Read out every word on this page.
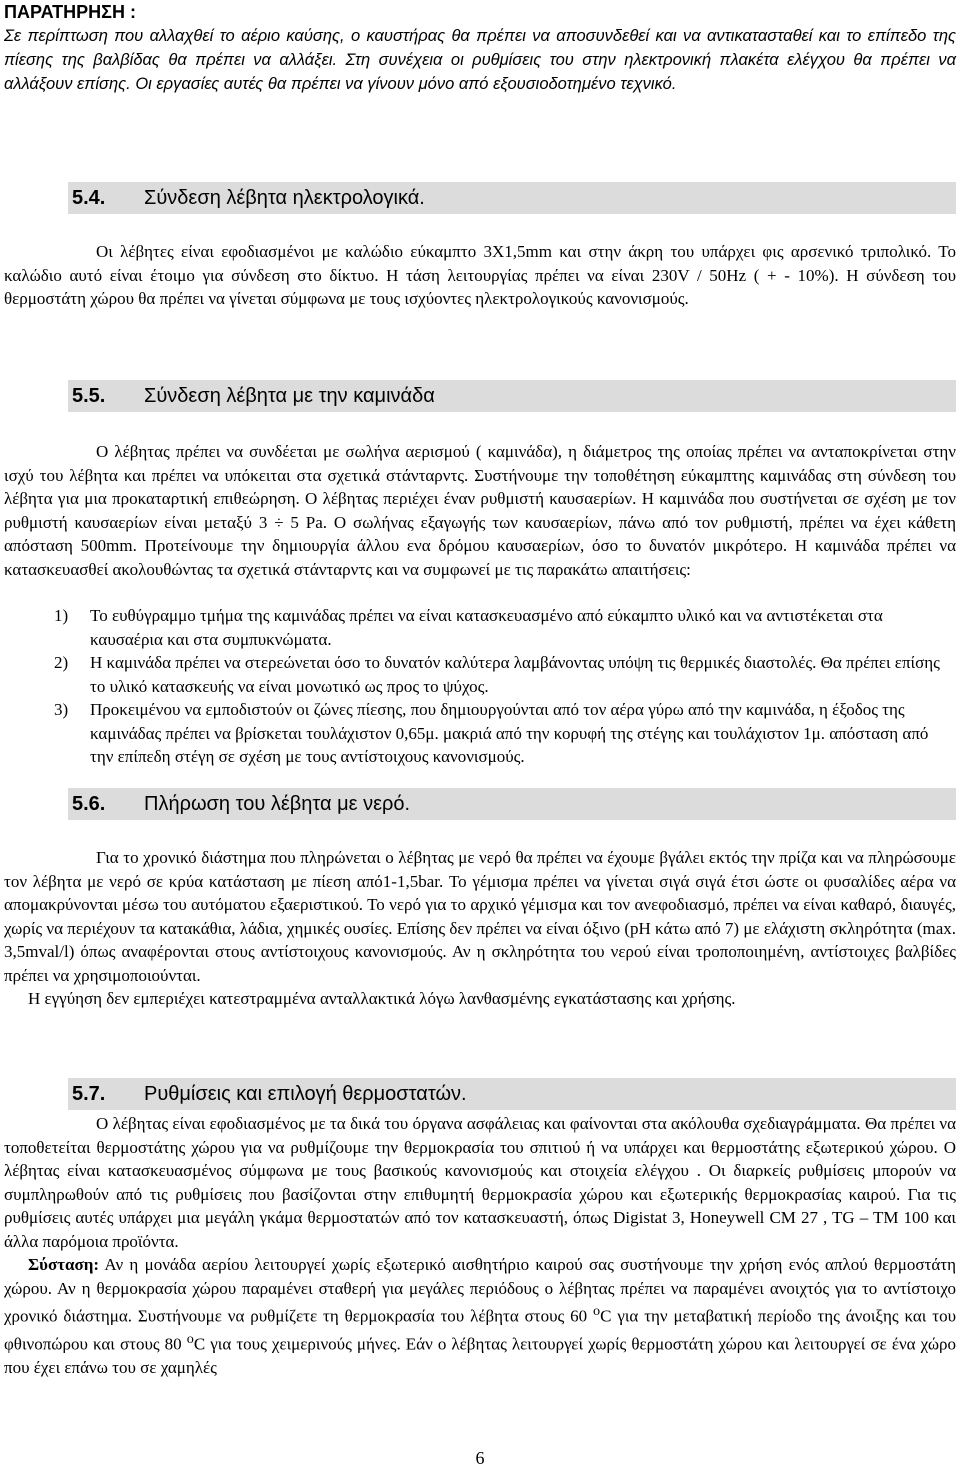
ΠΑΡΑΤΗΡΗΣΗ :
Σε περίπτωση που αλλαχθεί το αέριο καύσης, ο καυστήρας θα πρέπει να αποσυνδεθεί και να αντικατασταθεί και το επίπεδο της πίεσης της βαλβίδας θα πρέπει να αλλάξει. Στη συνέχεια οι ρυθμίσεις του στην ηλεκτρονική πλακέτα ελέγχου θα πρέπει να αλλάξουν επίσης. Οι εργασίες αυτές θα πρέπει να γίνουν μόνο από εξουσιοδοτημένο τεχνικό.
5.4. Σύνδεση λέβητα ηλεκτρολογικά.

Οι λέβητες είναι εφοδιασμένοι με καλώδιο εύκαμπτο 3Χ1,5mm και στην άκρη του υπάρχει φις αρσενικό τριπολικό. Το καλώδιο αυτό είναι έτοιμο για σύνδεση στο δίκτυο. Η τάση λειτουργίας πρέπει να είναι 230V / 50Hz ( + - 10%). Η σύνδεση του θερμοστάτη χώρου θα πρέπει να γίνεται σύμφωνα με τους ισχύοντες ηλεκτρολογικούς κανονισμούς.

5.5. Σύνδεση λέβητα με την καμινάδα

Ο λέβητας πρέπει να συνδέεται με σωλήνα αερισμού ( καμινάδα), η διάμετρος της οποίας πρέπει να ανταποκρίνεται στην ισχύ του λέβητα και πρέπει να υπόκειται στα σχετικά στάνταρντς. Συστήνουμε την τοποθέτηση εύκαμπτης καμινάδας στη σύνδεση του λέβητα για μια προκαταρτική επιθεώρηση. Ο λέβητας περιέχει έναν ρυθμιστή καυσαερίων. Η καμινάδα που συστήνεται σε σχέση με τον ρυθμιστή καυσαερίων είναι μεταξύ 3 ÷ 5 Pa. Ο σωλήνας εξαγωγής των καυσαερίων, πάνω από τον ρυθμιστή, πρέπει να έχει κάθετη απόσταση 500mm. Προτείνουμε την δημιουργία άλλου ενα δρόμου καυσαερίων, όσο το δυνατόν μικρότερο. Η καμινάδα πρέπει να κατασκευασθεί ακολουθώντας τα σχετικά στάνταρντς και να συμφωνεί με τις παρακάτω απαιτήσεις:

1) Το ευθύγραμμο τμήμα της καμινάδας πρέπει να είναι κατασκευασμένο από εύκαμπτο υλικό και να αντιστέκεται στα καυσαέρια και στα συμπυκνώματα.
2) Η καμινάδα πρέπει να στερεώνεται όσο το δυνατόν καλύτερα λαμβάνοντας υπόψη τις θερμικές διαστολές. Θα πρέπει επίσης το υλικό κατασκευής να είναι μονωτικό ως προς το ψύχος.
3) Προκειμένου να εμποδιστούν οι ζώνες πίεσης, που δημιουργούνται από τον αέρα γύρω από την καμινάδα, η έξοδος της καμινάδας πρέπει να βρίσκεται τουλάχιστον 0,65μ. μακριά από την κορυφή της στέγης και τουλάχιστον 1μ. απόσταση από την επίπεδη στέγη σε σχέση με τους αντίστοιχους κανονισμούς.
5.6. Πλήρωση του λέβητα με νερό.

Για το χρονικό διάστημα που πληρώνεται ο λέβητας με νερό θα πρέπει να έχουμε βγάλει εκτός την πρίζα και να πληρώσουμε τον λέβητα με νερό σε κρύα κατάσταση με πίεση από1-1,5bar. Το γέμισμα πρέπει να γίνεται σιγά σιγά έτσι ώστε οι φυσαλίδες αέρα να απομακρύνονται μέσω του αυτόματου εξαεριστικού. Το νερό για το αρχικό γέμισμα και τον ανεφοδιασμό, πρέπει να είναι καθαρό, διαυγές, χωρίς να περιέχουν τα κατακάθια, λάδια, χημικές ουσίες. Επίσης δεν πρέπει να είναι όξινο (pH κάτω από 7) με ελάχιστη σκληρότητα (max. 3,5mval/l) όπως αναφέρονται στους αντίστοιχους κανονισμούς. Αν η σκληρότητα του νερού είναι τροποποιημένη, αντίστοιχες βαλβίδες πρέπει να χρησιμοποιούνται.

Η εγγύηση δεν εμπεριέχει κατεστραμμένα ανταλλακτικά λόγω λανθασμένης εγκατάστασης και χρήσης.

5.7. Ρυθμίσεις και επιλογή θερμοστατών.

Ο λέβητας είναι εφοδιασμένος με τα δικά του όργανα ασφάλειας και φαίνονται στα ακόλουθα σχεδιαγράμματα. Θα πρέπει να τοποθετείται θερμοστάτης χώρου για να ρυθμίζουμε την θερμοκρασία του σπιτιού ή να υπάρχει και θερμοστάτης εξωτερικού χώρου. Ο λέβητας είναι κατασκευασμένος σύμφωνα με τους βασικούς κανονισμούς και στοιχεία ελέγχου . Οι διαρκείς ρυθμίσεις μπορούν να συμπληρωθούν από τις ρυθμίσεις που βασίζονται στην επιθυμητή θερμοκρασία χώρου και εξωτερικής θερμοκρασίας καιρού. Για τις ρυθμίσεις αυτές υπάρχει μια μεγάλη γκάμα θερμοστατών από τον κατασκευαστή, όπως Digistat 3, Honeywell CM 27 , TG – TM 100 και άλλα παρόμοια προϊόντα.

Σύσταση: Αν η μονάδα αερίου λειτουργεί χωρίς εξωτερικό αισθητήριο καιρού σας συστήνουμε την χρήση ενός απλού θερμοστάτη χώρου. Αν η θερμοκρασία χώρου παραμένει σταθερή για μεγάλες περιόδους ο λέβητας πρέπει να παραμένει ανοιχτός για το αντίστοιχο χρονικό διάστημα. Συστήνουμε να ρυθμίζετε τη θερμοκρασία του λέβητα στους 60 $^o$C για την μεταβατική περίοδο της άνοιξης και του φθινοπώρου και στους 80 $^o$C για τους χειμερινούς μήνες. Εάν ο λέβητας λειτουργεί χωρίς θερμοστάτη χώρου και λειτουργεί σε ένα χώρο που έχει επάνω του σε χαμηλές

6
